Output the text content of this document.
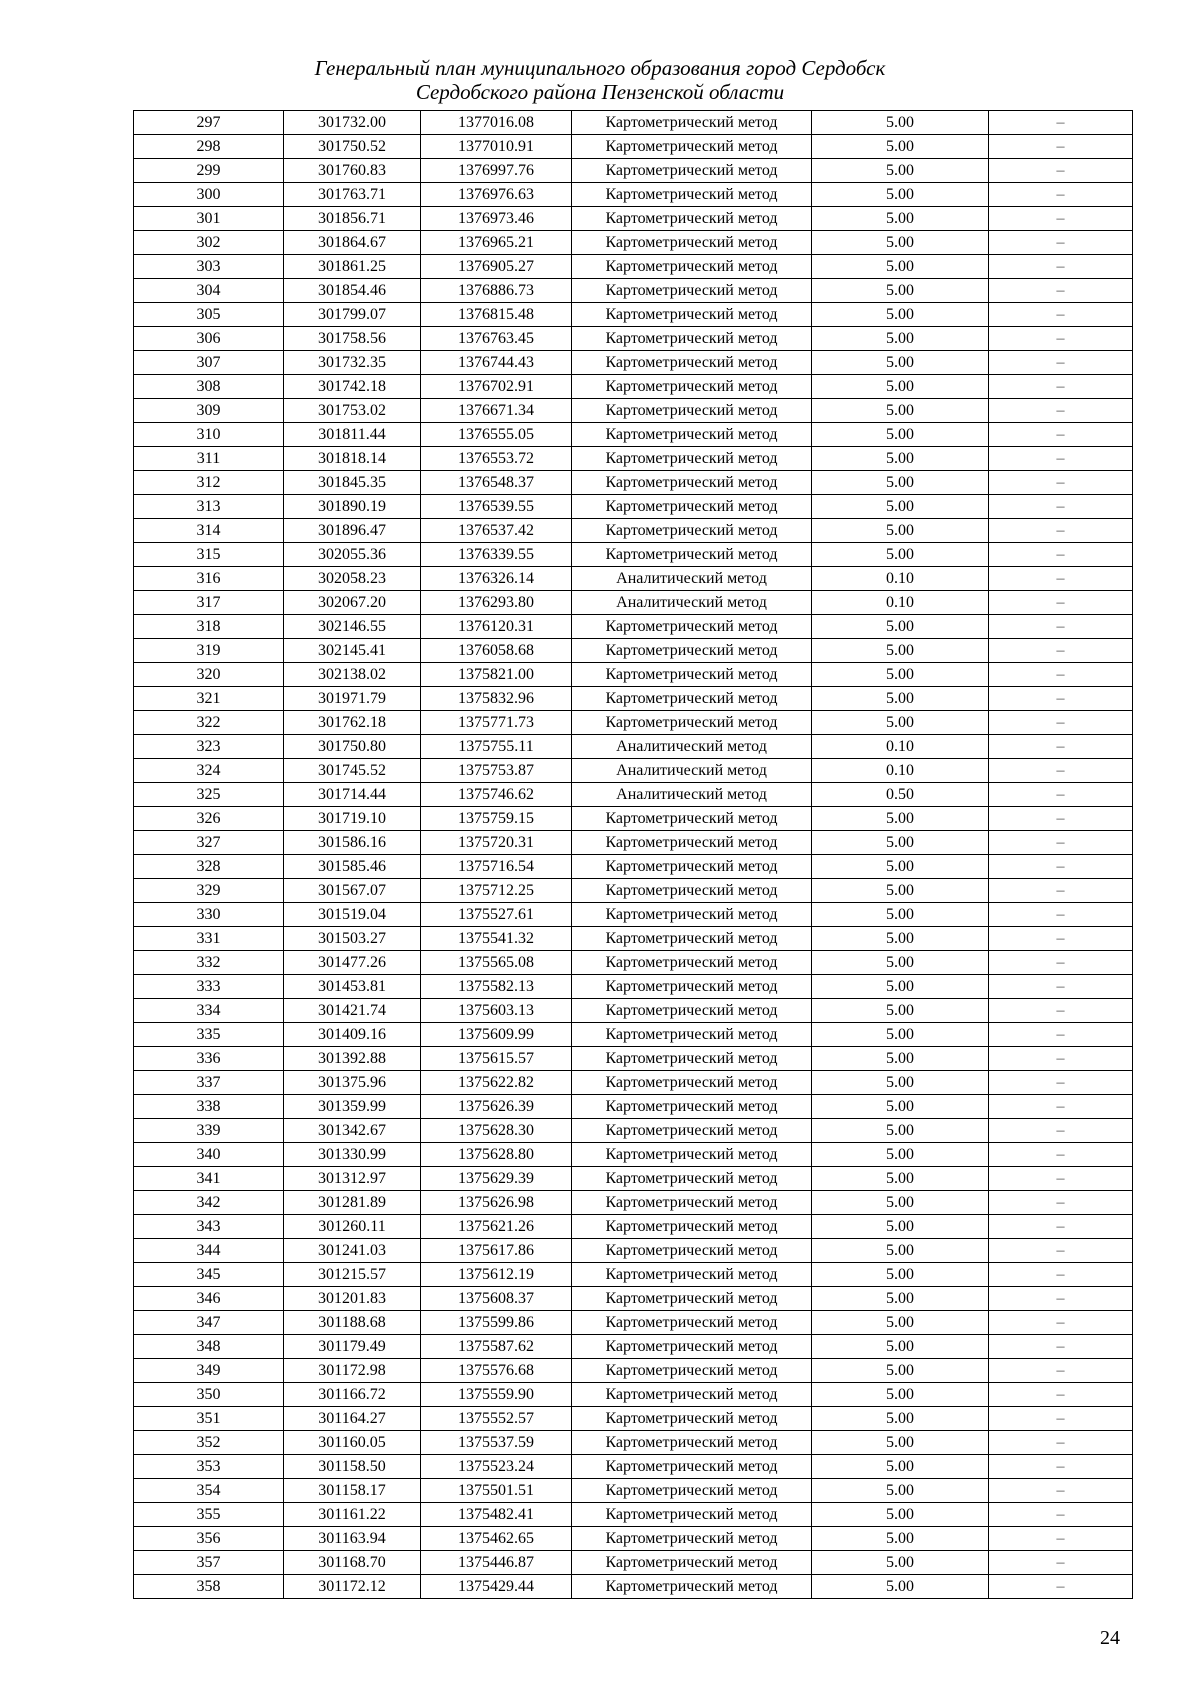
Генеральный план муниципального образования город Сердобск
Сердобского района Пензенской области
297	301732.00	1377016.08	Картометрический метод	5.00	–
298	301750.52	1377010.91	Картометрический метод	5.00	–
299	301760.83	1376997.76	Картометрический метод	5.00	–
300	301763.71	1376976.63	Картометрический метод	5.00	–
301	301856.71	1376973.46	Картометрический метод	5.00	–
302	301864.67	1376965.21	Картометрический метод	5.00	–
303	301861.25	1376905.27	Картометрический метод	5.00	–
304	301854.46	1376886.73	Картометрический метод	5.00	–
305	301799.07	1376815.48	Картометрический метод	5.00	–
306	301758.56	1376763.45	Картометрический метод	5.00	–
307	301732.35	1376744.43	Картометрический метод	5.00	–
308	301742.18	1376702.91	Картометрический метод	5.00	–
309	301753.02	1376671.34	Картометрический метод	5.00	–
310	301811.44	1376555.05	Картометрический метод	5.00	–
311	301818.14	1376553.72	Картометрический метод	5.00	–
312	301845.35	1376548.37	Картометрический метод	5.00	–
313	301890.19	1376539.55	Картометрический метод	5.00	–
314	301896.47	1376537.42	Картометрический метод	5.00	–
315	302055.36	1376339.55	Картометрический метод	5.00	–
316	302058.23	1376326.14	Аналитический метод	0.10	–
317	302067.20	1376293.80	Аналитический метод	0.10	–
318	302146.55	1376120.31	Картометрический метод	5.00	–
319	302145.41	1376058.68	Картометрический метод	5.00	–
320	302138.02	1375821.00	Картометрический метод	5.00	–
321	301971.79	1375832.96	Картометрический метод	5.00	–
322	301762.18	1375771.73	Картометрический метод	5.00	–
323	301750.80	1375755.11	Аналитический метод	0.10	–
324	301745.52	1375753.87	Аналитический метод	0.10	–
325	301714.44	1375746.62	Аналитический метод	0.50	–
326	301719.10	1375759.15	Картометрический метод	5.00	–
327	301586.16	1375720.31	Картометрический метод	5.00	–
328	301585.46	1375716.54	Картометрический метод	5.00	–
329	301567.07	1375712.25	Картометрический метод	5.00	–
330	301519.04	1375527.61	Картометрический метод	5.00	–
331	301503.27	1375541.32	Картометрический метод	5.00	–
332	301477.26	1375565.08	Картометрический метод	5.00	–
333	301453.81	1375582.13	Картометрический метод	5.00	–
334	301421.74	1375603.13	Картометрический метод	5.00	–
335	301409.16	1375609.99	Картометрический метод	5.00	–
336	301392.88	1375615.57	Картометрический метод	5.00	–
337	301375.96	1375622.82	Картометрический метод	5.00	–
338	301359.99	1375626.39	Картометрический метод	5.00	–
339	301342.67	1375628.30	Картометрический метод	5.00	–
340	301330.99	1375628.80	Картометрический метод	5.00	–
341	301312.97	1375629.39	Картометрический метод	5.00	–
342	301281.89	1375626.98	Картометрический метод	5.00	–
343	301260.11	1375621.26	Картометрический метод	5.00	–
344	301241.03	1375617.86	Картометрический метод	5.00	–
345	301215.57	1375612.19	Картометрический метод	5.00	–
346	301201.83	1375608.37	Картометрический метод	5.00	–
347	301188.68	1375599.86	Картометрический метод	5.00	–
348	301179.49	1375587.62	Картометрический метод	5.00	–
349	301172.98	1375576.68	Картометрический метод	5.00	–
350	301166.72	1375559.90	Картометрический метод	5.00	–
351	301164.27	1375552.57	Картометрический метод	5.00	–
352	301160.05	1375537.59	Картометрический метод	5.00	–
353	301158.50	1375523.24	Картометрический метод	5.00	–
354	301158.17	1375501.51	Картометрический метод	5.00	–
355	301161.22	1375482.41	Картометрический метод	5.00	–
356	301163.94	1375462.65	Картометрический метод	5.00	–
357	301168.70	1375446.87	Картометрический метод	5.00	–
358	301172.12	1375429.44	Картометрический метод	5.00	–
24
